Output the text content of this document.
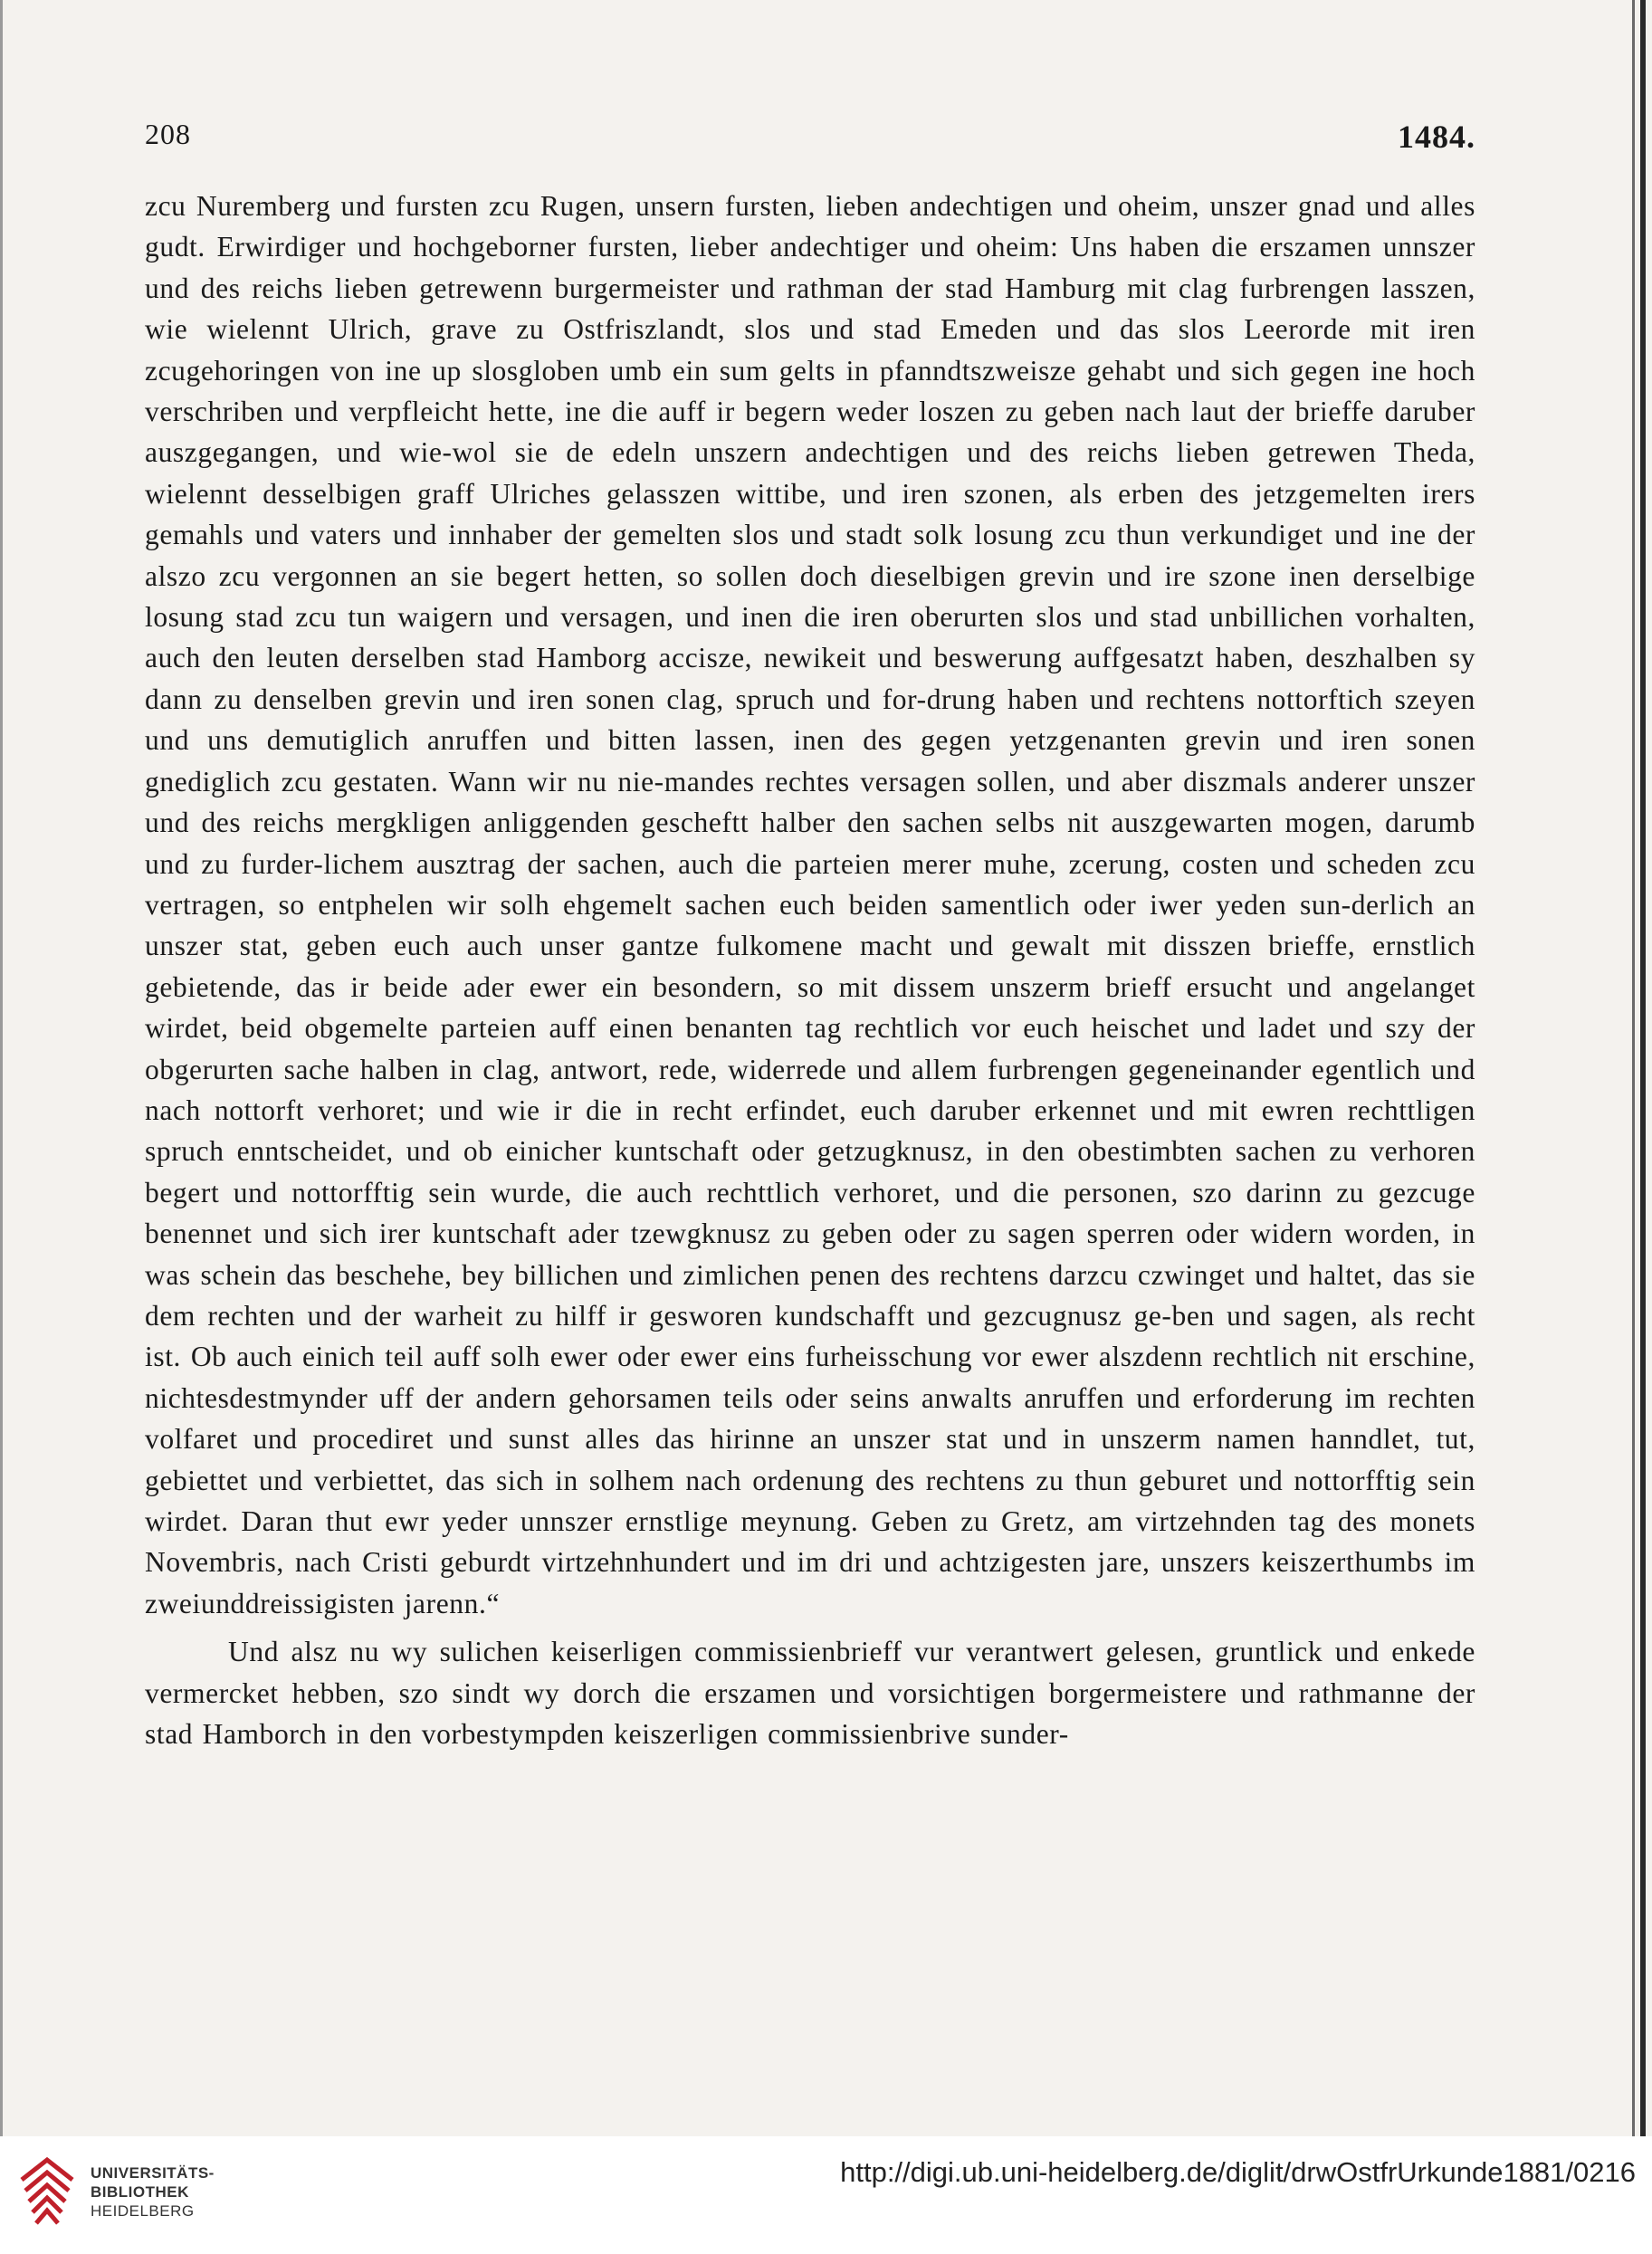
208	1484.

zcu Nuremberg und fursten zcu Rugen, unsern fursten, lieben andechtigen und oheim, unszer gnad und alles gudt. Erwirdiger und hochgeborner fursten, lieber andechtiger und oheim: Uns haben die erszamen unnszer und des reichs lieben getrewenn burgermeister und rathman der stad Hamburg mit clag furbrengen lasszen, wie wielennt Ulrich, grave zu Ostfriszlandt, slos und stad Emeden und das slos Leerorde mit iren zcugehoringen von ine up slosgloben umb ein sum gelts in pfanndtszweisze gehabt und sich gegen ine hoch verschriben und verpfleicht hette, ine die auff ir begern weder loszen zu geben nach laut der brieffe daruber auszgegangen, und wie-wol sie de edeln unszern andechtigen und des reichs lieben getrewen Theda, wielennt desselbigen graff Ulriches gelasszen wittibe, und iren szonen, als erben des jetzgemelten irers gemahls und vaters und innhaber der gemelten slos und stadt solk losung zcu thun verkundiget und ine der alszo zcu vergonnen an sie begert hetten, so sollen doch dieselbigen grevin und ire szone inen derselbige losung stad zcu tun waigern und versagen, und inen die iren oberurten slos und stad unbillichen vorhalten, auch den leuten derselben stad Hamborg accisze, newikeit und beswerung auffgesatzt haben, deszhalben sy dann zu denselben grevin und iren sonen clag, spruch und for-drung haben und rechtens nottorftich szeyen und uns demutiglich anruffen und bitten lassen, inen des gegen yetzgenanten grevin und iren sonen gnediglich zcu gestaten. Wann wir nu nie-mandes rechtes versagen sollen, und aber diszmals anderer unszer und des reichs mergkligen anliggenden gescheftt halber den sachen selbs nit auszgewarten mogen, darumb und zu furder-lichem ausztrag der sachen, auch die parteien merer muhe, zcerung, costen und scheden zcu vertragen, so entphelen wir solh ehgemelt sachen euch beiden samentlich oder iwer yeden sun-derlich an unszer stat, geben euch auch unser gantze fulkomene macht und gewalt mit disszen brieffe, ernstlich gebietende, das ir beide ader ewer ein besondern, so mit dissem unszerm brieff ersucht und angelanget wirdet, beid obgemelte parteien auff einen benanten tag rechtlich vor euch heischet und ladet und szy der obgerurten sache halben in clag, antwort, rede, widerrede und allem furbrengen gegeneinander egentlich und nach nottorft verhoret; und wie ir die in recht erfindet, euch daruber erkennet und mit ewren rechttligen spruch enntscheidet, und ob einicher kuntschaft oder getzugknusz, in den obestimbten sachen zu verhoren begert und nottorfftig sein wurde, die auch rechttlich verhoret, und die personen, szo darinn zu gezcuge benennet und sich irer kuntschaft ader tzewgknusz zu geben oder zu sagen sperren oder widern worden, in was schein das beschehe, bey billichen und zimlichen penen des rechtens darzcu czwinget und haltet, das sie dem rechten und der warheit zu hilff ir gesworen kundschafft und gezcugnusz ge-ben und sagen, als recht ist. Ob auch einich teil auff solh ewer oder ewer eins furheisschung vor ewer alszdenn rechtlich nit erschine, nichtesdestmynder uff der andern gehorsamen teils oder seins anwalts anruffen und erforderung im rechten volfaret und procediret und sunst alles das hirinne an unszer stat und in unszerm namen hanndlet, tut, gebiettet und verbiettet, das sich in solhem nach ordenung des rechtens zu thun geburet und nottorfftig sein wirdet. Daran thut ewr yeder unnszer ernstlige meynung. Geben zu Gretz, am virtzehnden tag des monets Novembris, nach Cristi geburdt virtzehnhundert und im dri und achtzigesten jare, unszers keiszerthumbs im zweiunddreissigisten jarenn.“

Und alsz nu wy sulichen keiserligen commissienbrieff vur verantwert gelesen, gruntlick und enkede vermercket hebben, szo sindt wy dorch die erszamen und vorsichtigen borgermeistere und rathmanne der stad Hamborch in den vorbestympden keiszerligen commissienbrive sunder-

UNIVERSITÄTS-
BIBLIOTHEK
HEIDELBERG
http://digi.ub.uni-heidelberg.de/diglit/drwOstfrUrkunde1881/0216
